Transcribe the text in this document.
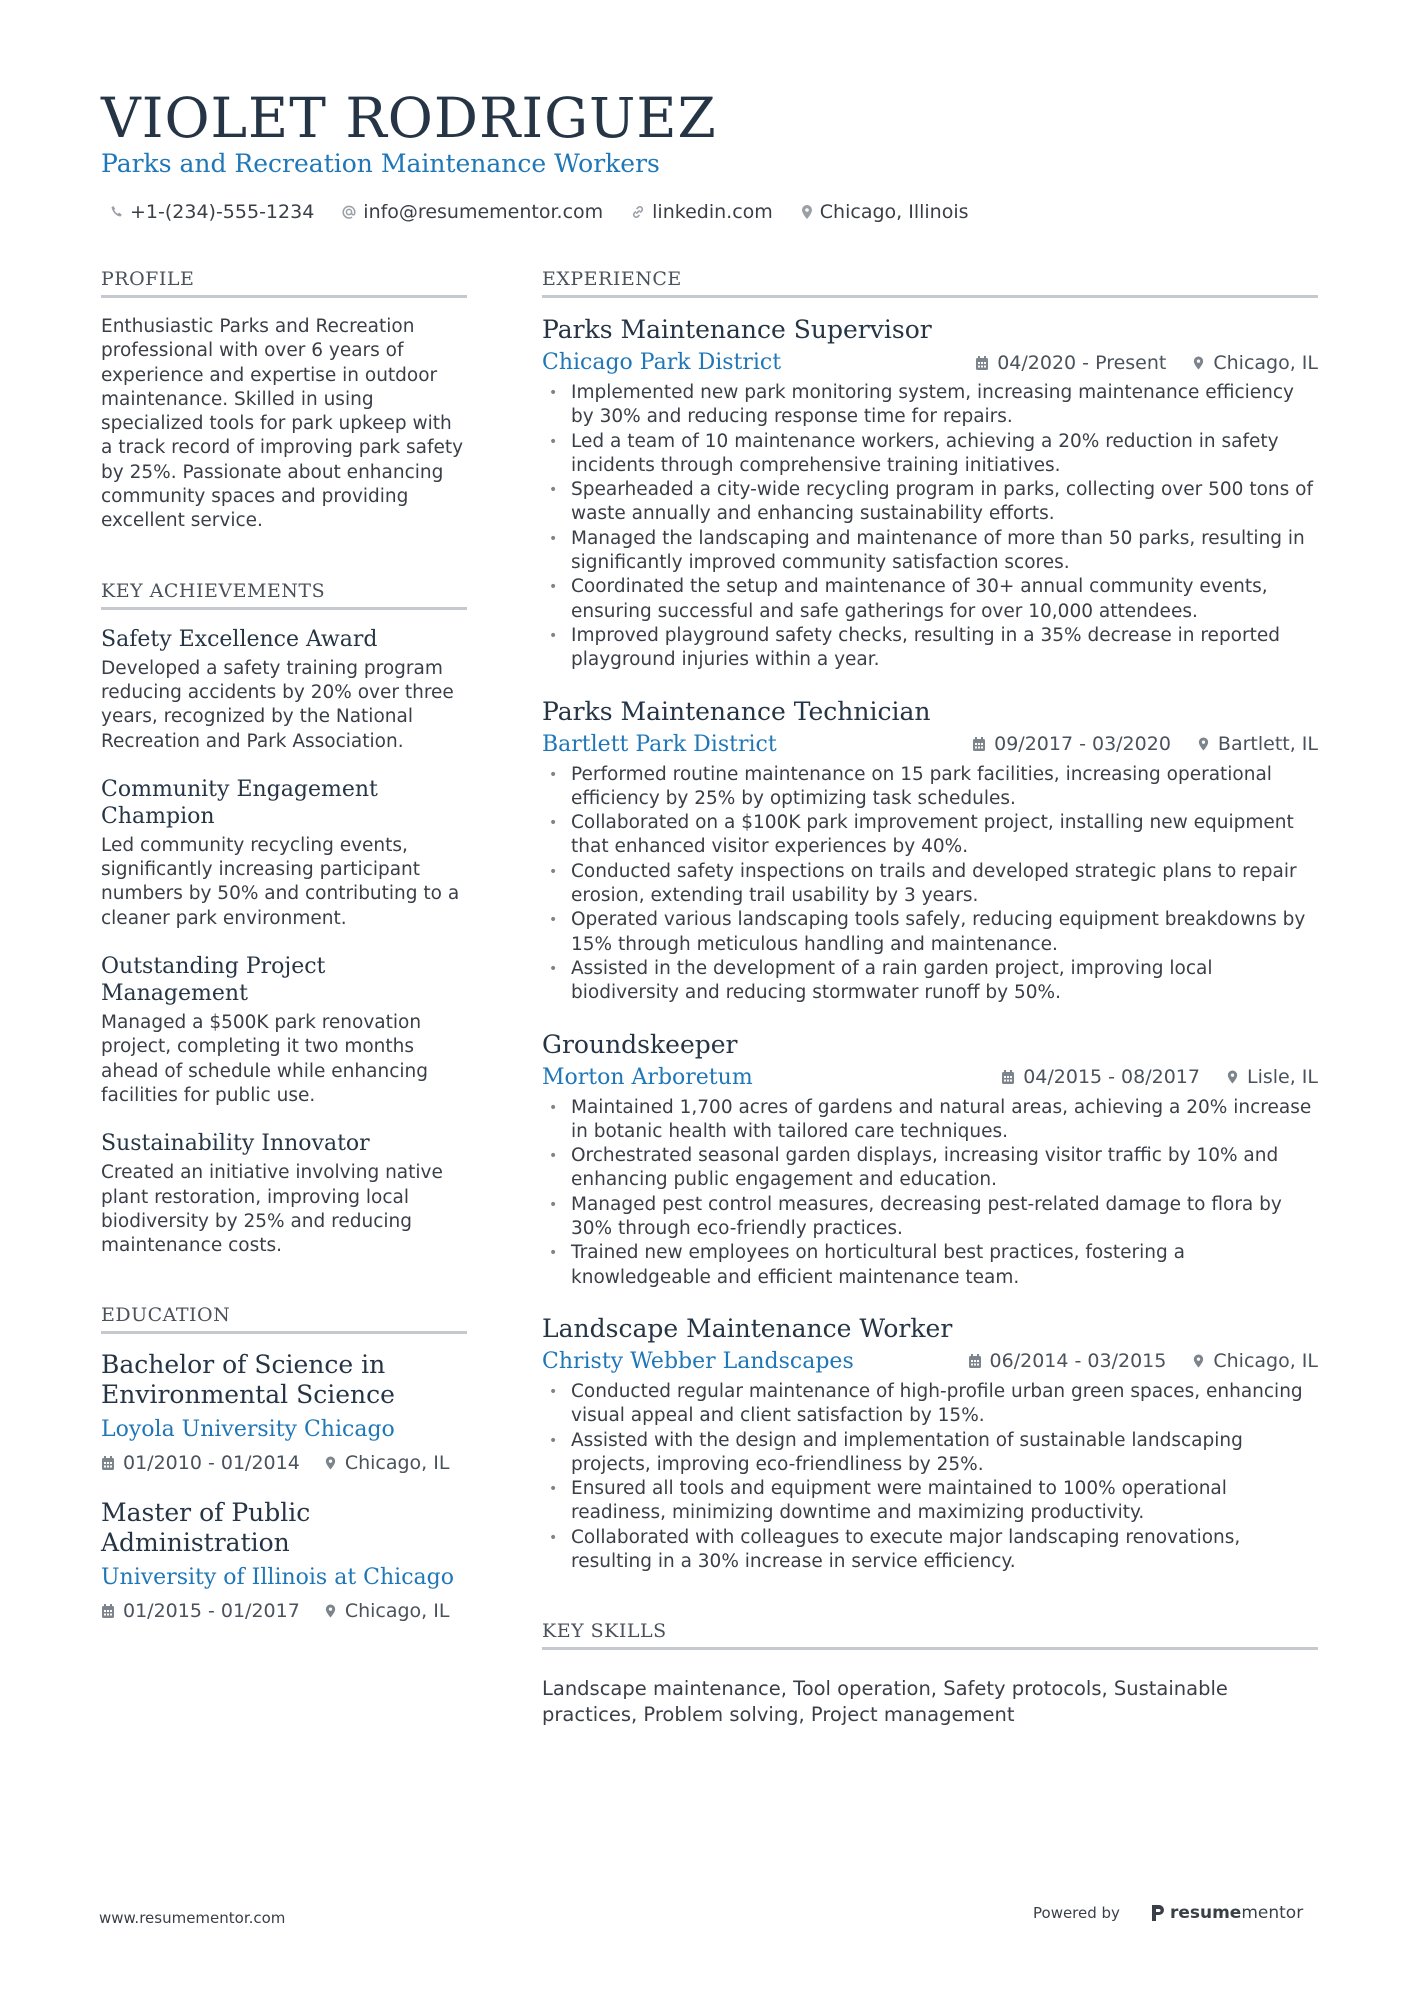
VIOLET RODRIGUEZ
Parks and Recreation Maintenance Workers
+1-(234)-555-1234	info@resumementor.com	linkedin.com Chicago, Illinois
PROFILE
Enthusiastic Parks and Recreation professional with over 6 years of experience and expertise in outdoor maintenance. Skilled in using specialized tools for park upkeep with a track record of improving park safety by 25%. Passionate about enhancing community spaces and providing excellent service.
KEY ACHIEVEMENTS
Safety Excellence Award
Developed a safety training program reducing accidents by 20% over three years, recognized by the National Recreation and Park Association.
Community Engagement Champion
Led community recycling events, significantly increasing participant numbers by 50% and contributing to a cleaner park environment.
Outstanding Project Management
Managed a $500K park renovation project, completing it two months ahead of schedule while enhancing facilities for public use.
Sustainability Innovator
Created an initiative involving native plant restoration, improving local biodiversity by 25% and reducing maintenance costs.
EDUCATION
Bachelor of Science in Environmental Science
Loyola University Chicago
01/2010 - 01/2014 Chicago, IL
Master of Public Administration
University of Illinois at Chicago
01/2015 - 01/2017 Chicago, IL
EXPERIENCE
Parks Maintenance Supervisor
Chicago Park District	04/2020 - Present Chicago, IL
• Implemented new park monitoring system, increasing maintenance efficiency by 30% and reducing response time for repairs.
• Led a team of 10 maintenance workers, achieving a 20% reduction in safety incidents through comprehensive training initiatives.
• Spearheaded a city-wide recycling program in parks, collecting over 500 tons of waste annually and enhancing sustainability efforts.
• Managed the landscaping and maintenance of more than 50 parks, resulting in significantly improved community satisfaction scores.
• Coordinated the setup and maintenance of 30+ annual community events, ensuring successful and safe gatherings for over 10,000 attendees.
• Improved playground safety checks, resulting in a 35% decrease in reported playground injuries within a year.
Parks Maintenance Technician
Bartlett Park District	09/2017 - 03/2020 Bartlett, IL
• Performed routine maintenance on 15 park facilities, increasing operational efficiency by 25% by optimizing task schedules.
• Collaborated on a $100K park improvement project, installing new equipment that enhanced visitor experiences by 40%.
• Conducted safety inspections on trails and developed strategic plans to repair erosion, extending trail usability by 3 years.
• Operated various landscaping tools safely, reducing equipment breakdowns by 15% through meticulous handling and maintenance.
• Assisted in the development of a rain garden project, improving local biodiversity and reducing stormwater runoff by 50%.
Groundskeeper
Morton Arboretum	04/2015 - 08/2017 Lisle, IL
• Maintained 1,700 acres of gardens and natural areas, achieving a 20% increase in botanic health with tailored care techniques.
• Orchestrated seasonal garden displays, increasing visitor traffic by 10% and enhancing public engagement and education.
• Managed pest control measures, decreasing pest-related damage to flora by 30% through eco-friendly practices.
• Trained new employees on horticultural best practices, fostering a knowledgeable and efficient maintenance team.
Landscape Maintenance Worker
Christy Webber Landscapes	06/2014 - 03/2015 Chicago, IL
• Conducted regular maintenance of high-profile urban green spaces, enhancing visual appeal and client satisfaction by 15%.
• Assisted with the design and implementation of sustainable landscaping projects, improving eco-friendliness by 25%.
• Ensured all tools and equipment were maintained to 100% operational readiness, minimizing downtime and maximizing productivity.
• Collaborated with colleagues to execute major landscaping renovations, resulting in a 30% increase in service efficiency.
KEY SKILLS
Landscape maintenance, Tool operation, Safety protocols, Sustainable practices, Problem solving, Project management
www.resumementor.com	Powered by	resume mentor
